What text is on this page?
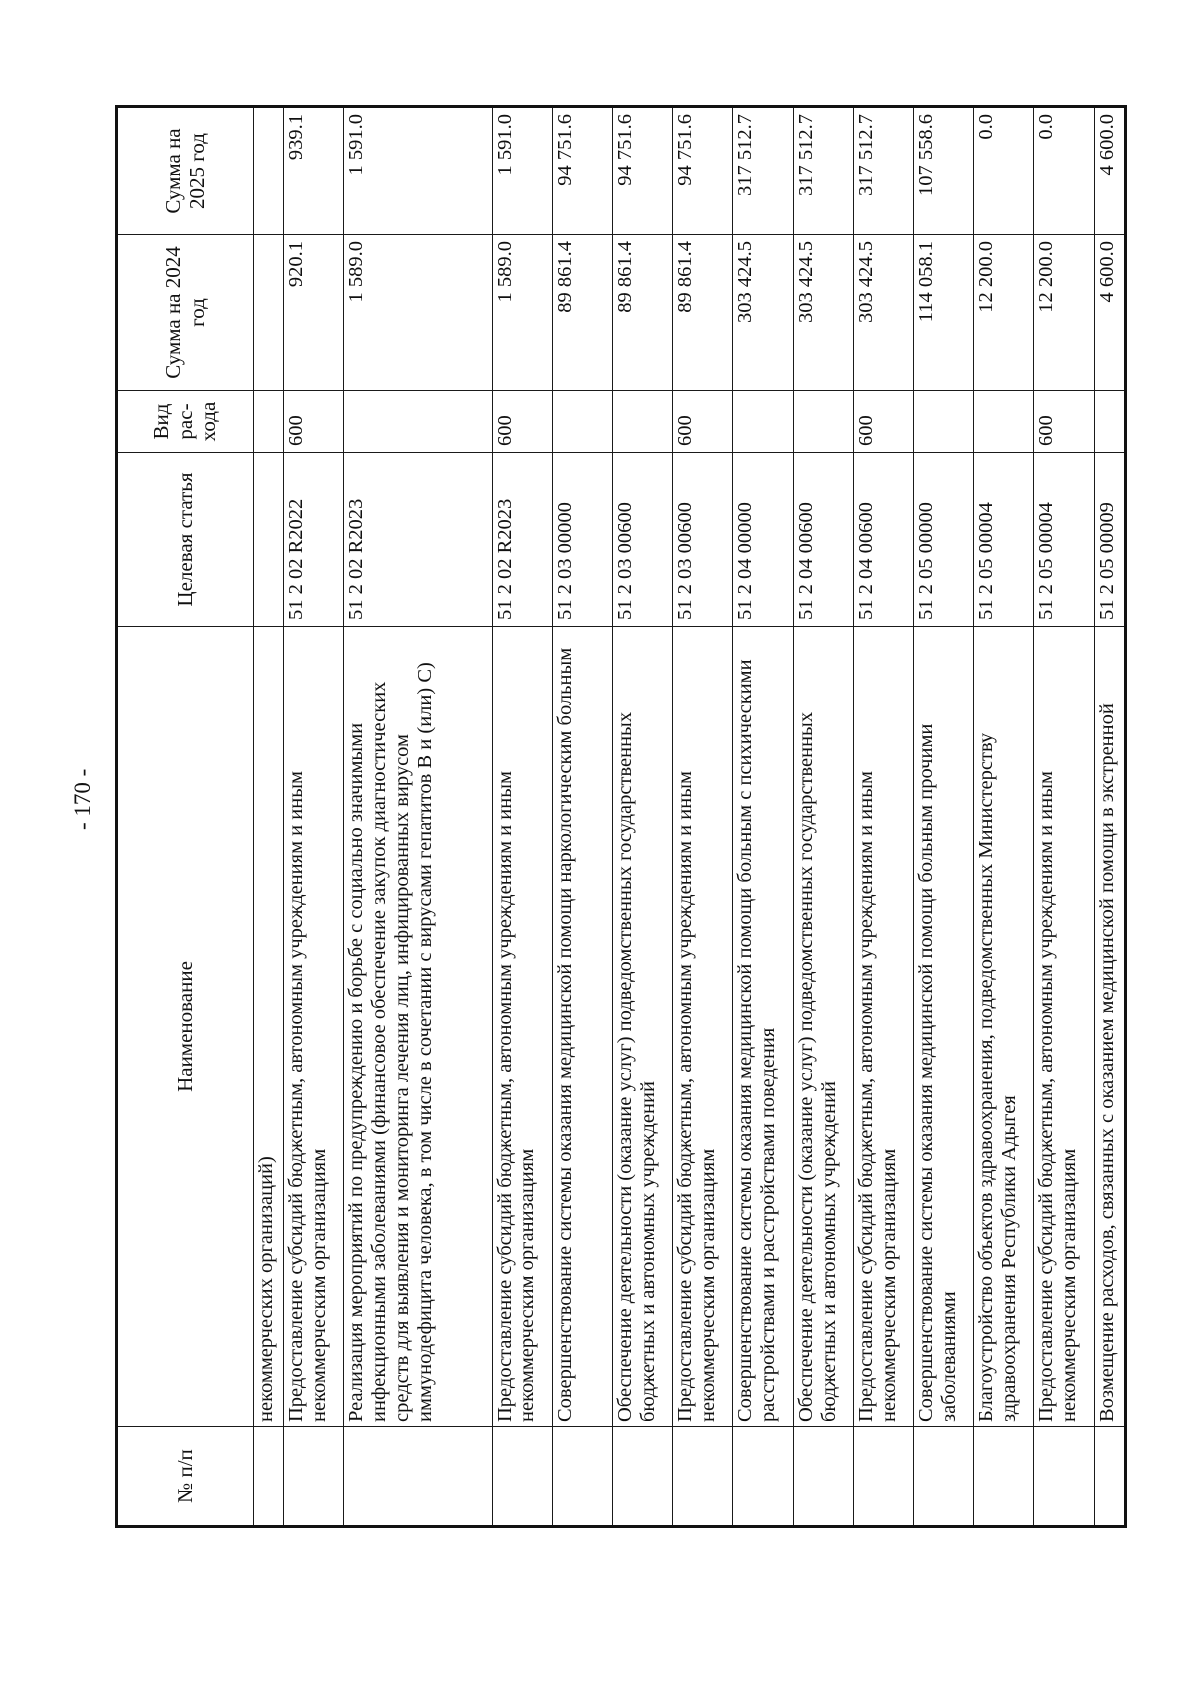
- 170 -
№ п/п	Наименование	Целевая статья	Вид рас- хода	Сумма на 2024 год	Сумма на 2025 год
	некоммерческих организаций)				
	Предоставление субсидий бюджетным, автономным учреждениям и иным некоммерческим организациям	51 2 02 R2022	600	920.1	939.1
	Реализация мероприятий по предупреждению и борьбе с социально значимыми инфекционными заболеваниями (финансовое обеспечение закупок диагностических средств для выявления и мониторинга лечения лиц, инфицированных вирусом иммунодефицита человека, в том числе в сочетании с вирусами гепатитов В и (или) С)	51 2 02 R2023		1 589.0	1 591.0
	Предоставление субсидий бюджетным, автономным учреждениям и иным некоммерческим организациям	51 2 02 R2023	600	1 589.0	1 591.0
	Совершенствование системы оказания медицинской помощи наркологическим больным	51 2 03 00000		89 861.4	94 751.6
	Обеспечение деятельности (оказание услуг) подведомственных государственных бюджетных и автономных учреждений	51 2 03 00600		89 861.4	94 751.6
	Предоставление субсидий бюджетным, автономным учреждениям и иным некоммерческим организациям	51 2 03 00600	600	89 861.4	94 751.6
	Совершенствование системы оказания медицинской помощи больным с психическими расстройствами и расстройствами поведения	51 2 04 00000		303 424.5	317 512.7
	Обеспечение деятельности (оказание услуг) подведомственных государственных бюджетных и автономных учреждений	51 2 04 00600		303 424.5	317 512.7
	Предоставление субсидий бюджетным, автономным учреждениям и иным некоммерческим организациям	51 2 04 00600	600	303 424.5	317 512.7
	Совершенствование системы оказания медицинской помощи больным прочими заболеваниями	51 2 05 00000		114 058.1	107 558.6
	Благоустройство объектов здравоохранения, подведомственных Министерству здравоохранения Республики Адыгея	51 2 05 00004		12 200.0	0.0
	Предоставление субсидий бюджетным, автономным учреждениям и иным некоммерческим организациям	51 2 05 00004	600	12 200.0	0.0
	Возмещение расходов, связанных с оказанием медицинской помощи в экстренной	51 2 05 00009		4 600.0	4 600.0
